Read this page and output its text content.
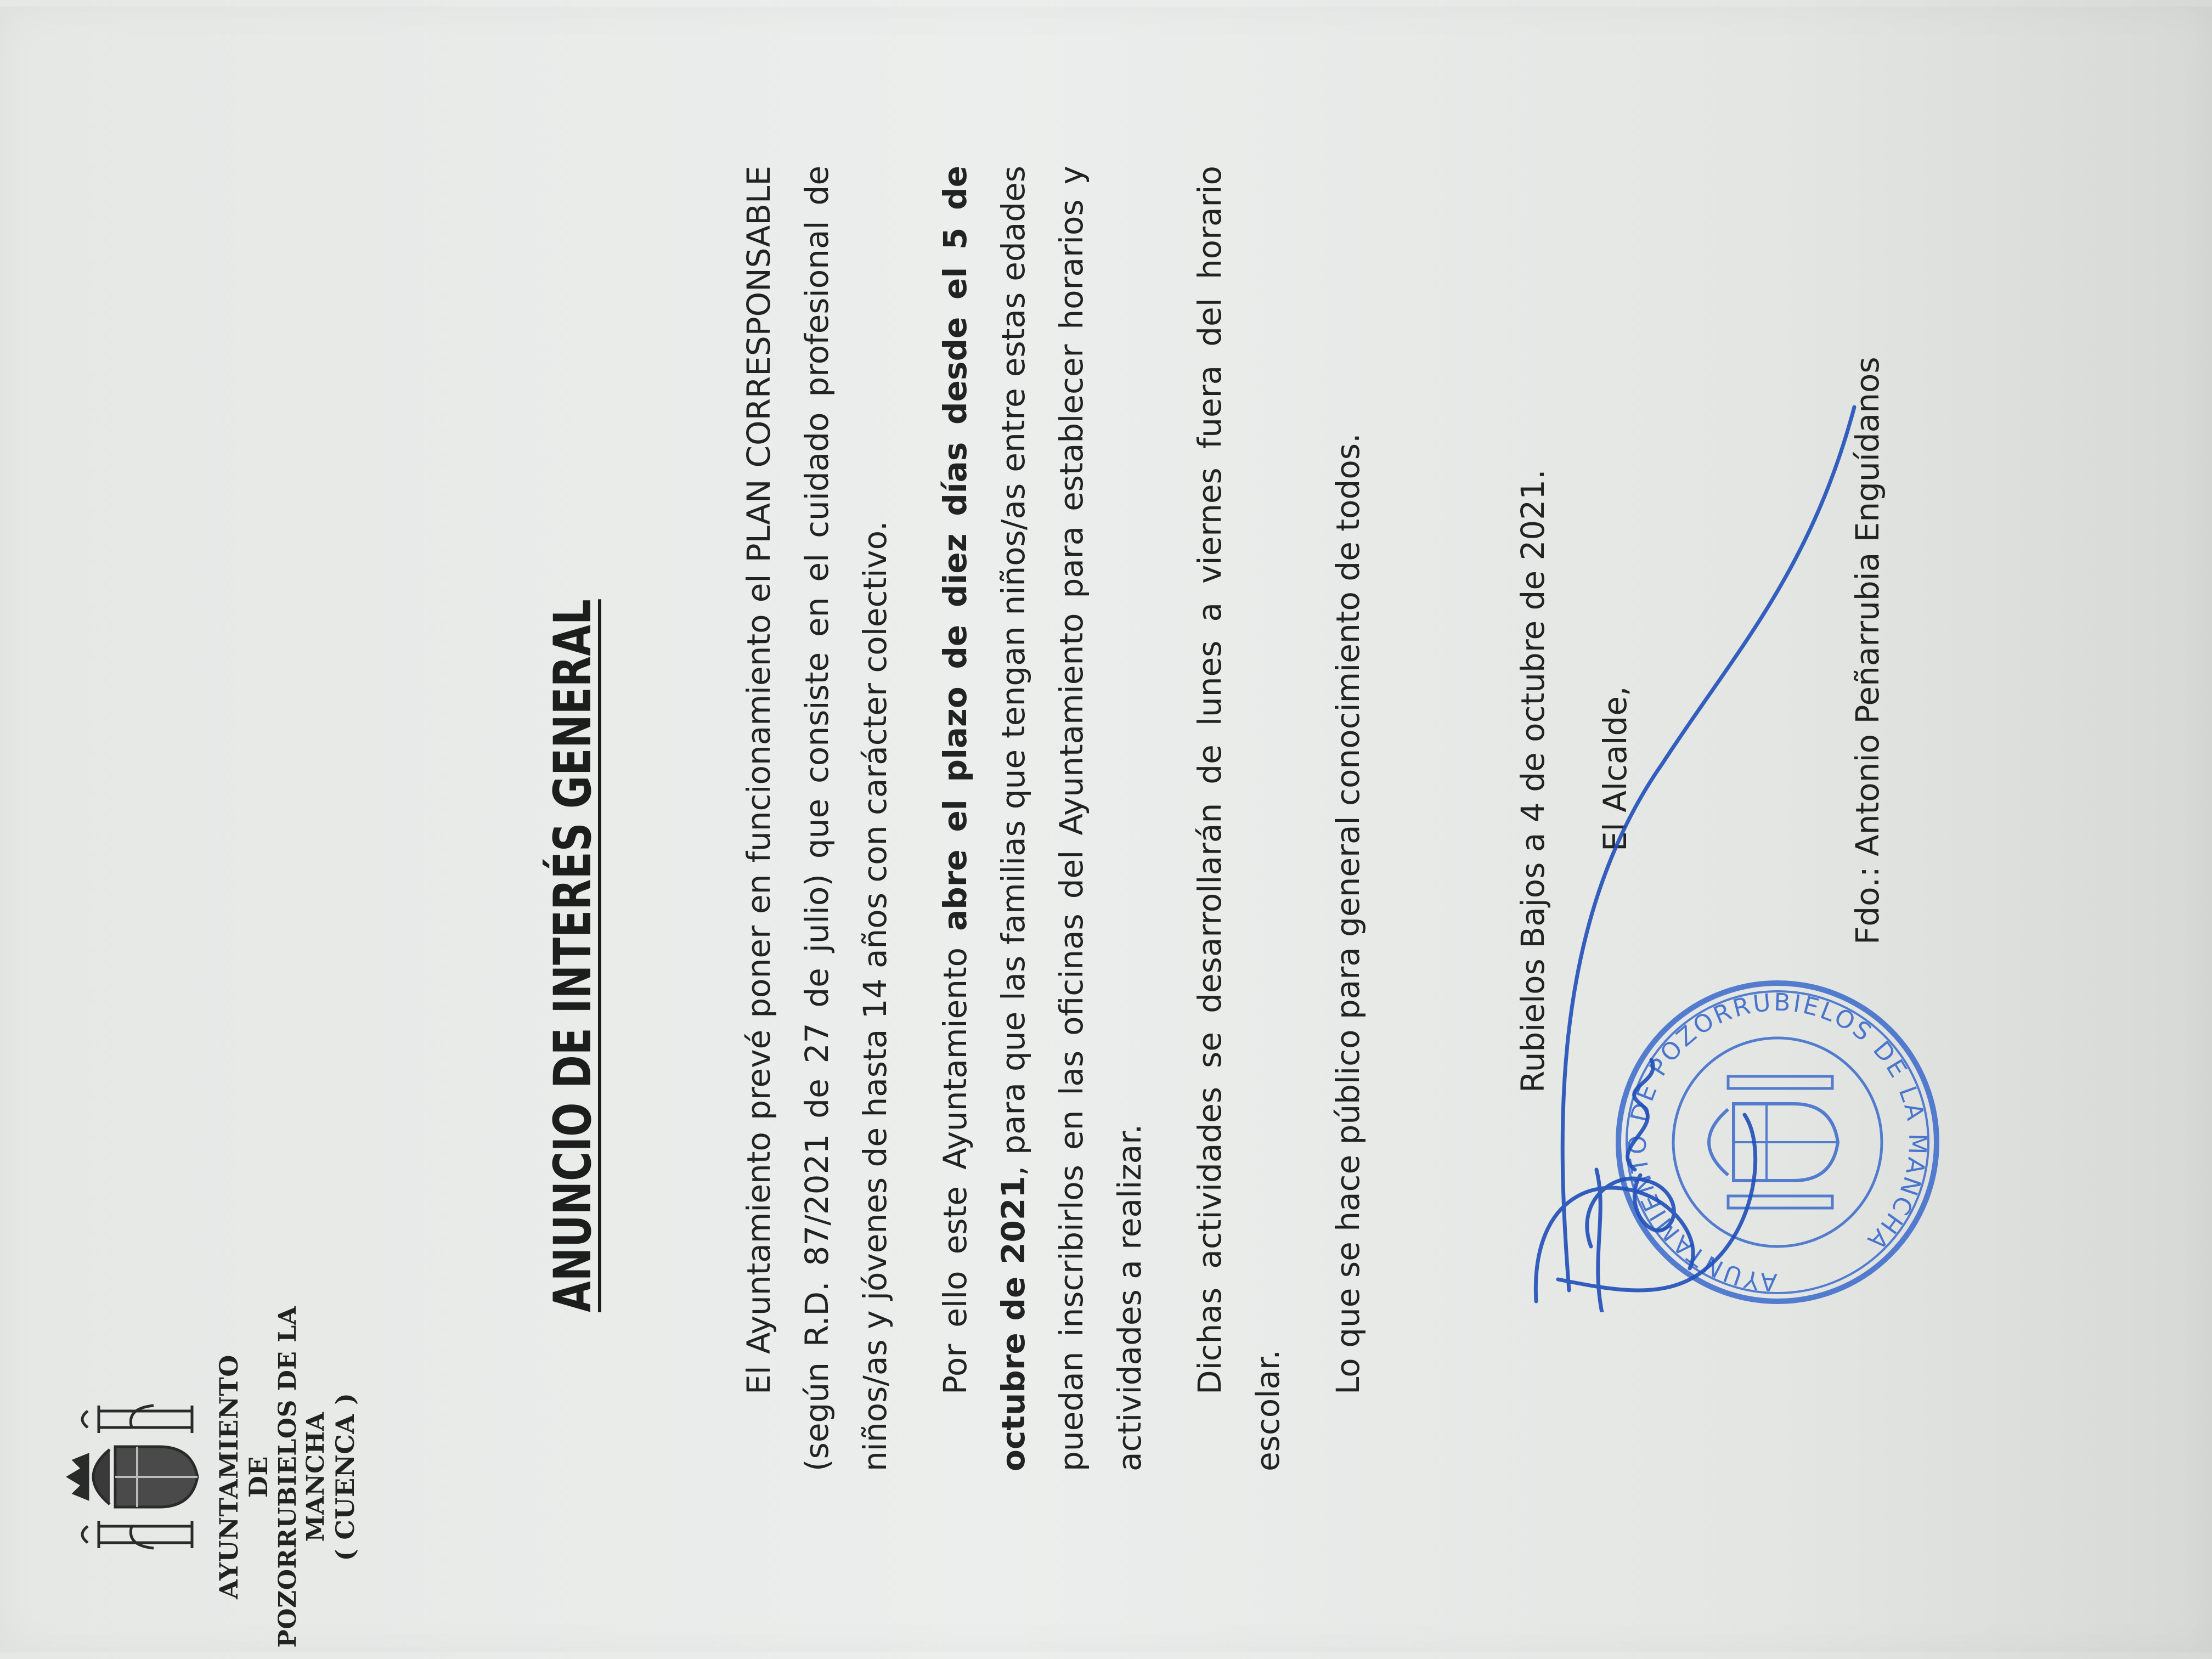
AYUNTAMIENTO DE POZORRUBIELOS DE LA MANCHA ( CUENCA )
ANUNCIO DE INTERÉS GENERAL	El Ayuntamiento prevé poner en funcionamiento el PLAN CORRESPONSABLE (según R.D. 87/2021 de 27 de julio) que consiste en el cuidado profesional de niños/as y jóvenes de hasta 14 años con carácter colectivo.	Por ello este Ayuntamiento abre el plazo de diez días desde el 5 de octubre de 2021, para que las familias que tengan niños/as entre estas edades puedan inscribirlos en las oficinas del Ayuntamiento para establecer horarios y actividades a realizar.	Dichas actividades se desarrollarán de lunes a viernes fuera del horario escolar.

Lo que se hace público para general conocimiento de todos.	Rubielos Bajos a 4 de octubre de 2021. El Alcalde,
AYUNTAMIENTO DE POZORRUBIELOS DE LA MANCHA
Fdo.: Antonio Peñarrubia Enguídanos
